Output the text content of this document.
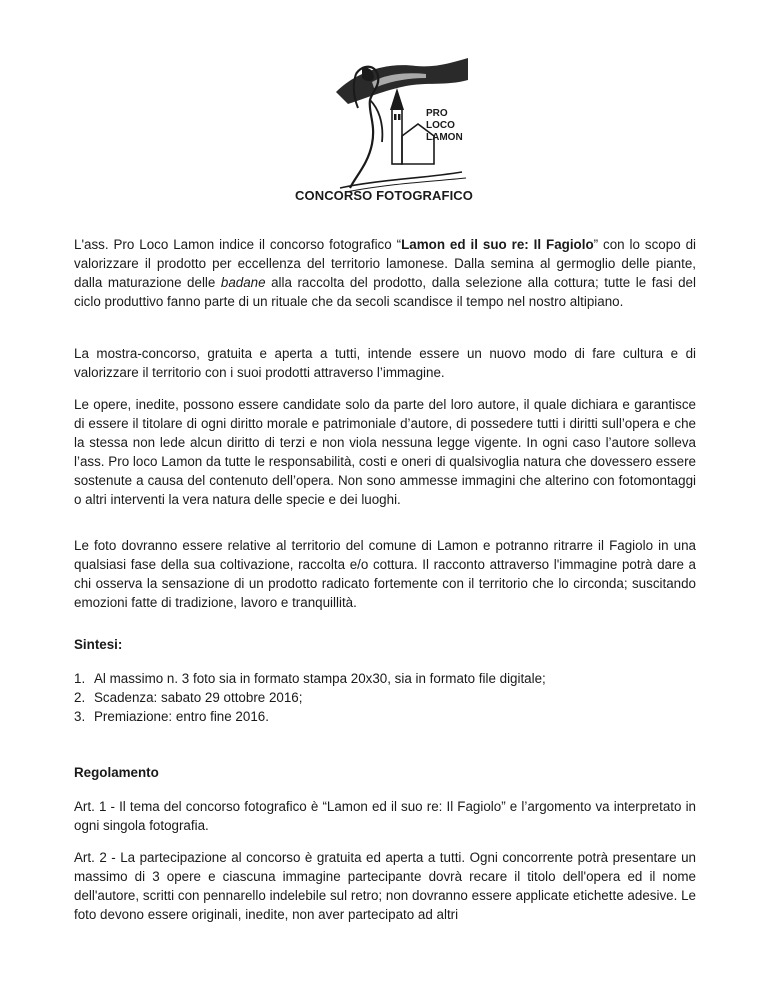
PRO
LOCO
LAMON
CONCORSO FOTOGRAFICO

L'ass. Pro Loco Lamon indice il concorso fotografico “Lamon ed il suo re: Il Fagiolo” con lo scopo di valorizzare il prodotto per eccellenza del territorio lamonese. Dalla semina al germoglio delle piante, dalla maturazione delle badane alla raccolta del prodotto, dalla selezione alla cottura; tutte le fasi del ciclo produttivo fanno parte di un rituale che da secoli scandisce il tempo nel nostro altipiano.

La mostra-concorso, gratuita e aperta a tutti, intende essere un nuovo modo di fare cultura e di valorizzare il territorio con i suoi prodotti attraverso l’immagine.

Le opere, inedite, possono essere candidate solo da parte del loro autore, il quale dichiara e garantisce di essere il titolare di ogni diritto morale e patrimoniale d’autore, di possedere tutti i diritti sull’opera e che la stessa non lede alcun diritto di terzi e non viola nessuna legge vigente. In ogni caso l’autore solleva l’ass. Pro loco Lamon da tutte le responsabilità, costi e oneri di qualsivoglia natura che dovessero essere sostenute a causa del contenuto dell’opera. Non sono ammesse immagini che alterino con fotomontaggi o altri interventi la vera natura delle specie e dei luoghi.

Le foto dovranno essere relative al territorio del comune di Lamon e potranno ritrarre il Fagiolo in una qualsiasi fase della sua coltivazione, raccolta e/o cottura. Il racconto attraverso l'immagine potrà dare a chi osserva la sensazione di un prodotto radicato fortemente con il territorio che lo circonda; suscitando emozioni fatte di tradizione, lavoro e tranquillità.

Sintesi:
1. Al massimo n. 3 foto sia in formato stampa 20x30, sia in formato file digitale;
2. Scadenza: sabato 29 ottobre 2016;
3. Premiazione: entro fine 2016.
Regolamento

Art. 1 - Il tema del concorso fotografico è “Lamon ed il suo re: Il Fagiolo” e l’argomento va interpretato in ogni singola fotografia.

Art. 2 - La partecipazione al concorso è gratuita ed aperta a tutti. Ogni concorrente potrà presentare un massimo di 3 opere e ciascuna immagine partecipante dovrà recare il titolo dell'opera ed il nome dell'autore, scritti con pennarello indelebile sul retro; non dovranno essere applicate etichette adesive. Le foto devono essere originali, inedite, non aver partecipato ad altri
